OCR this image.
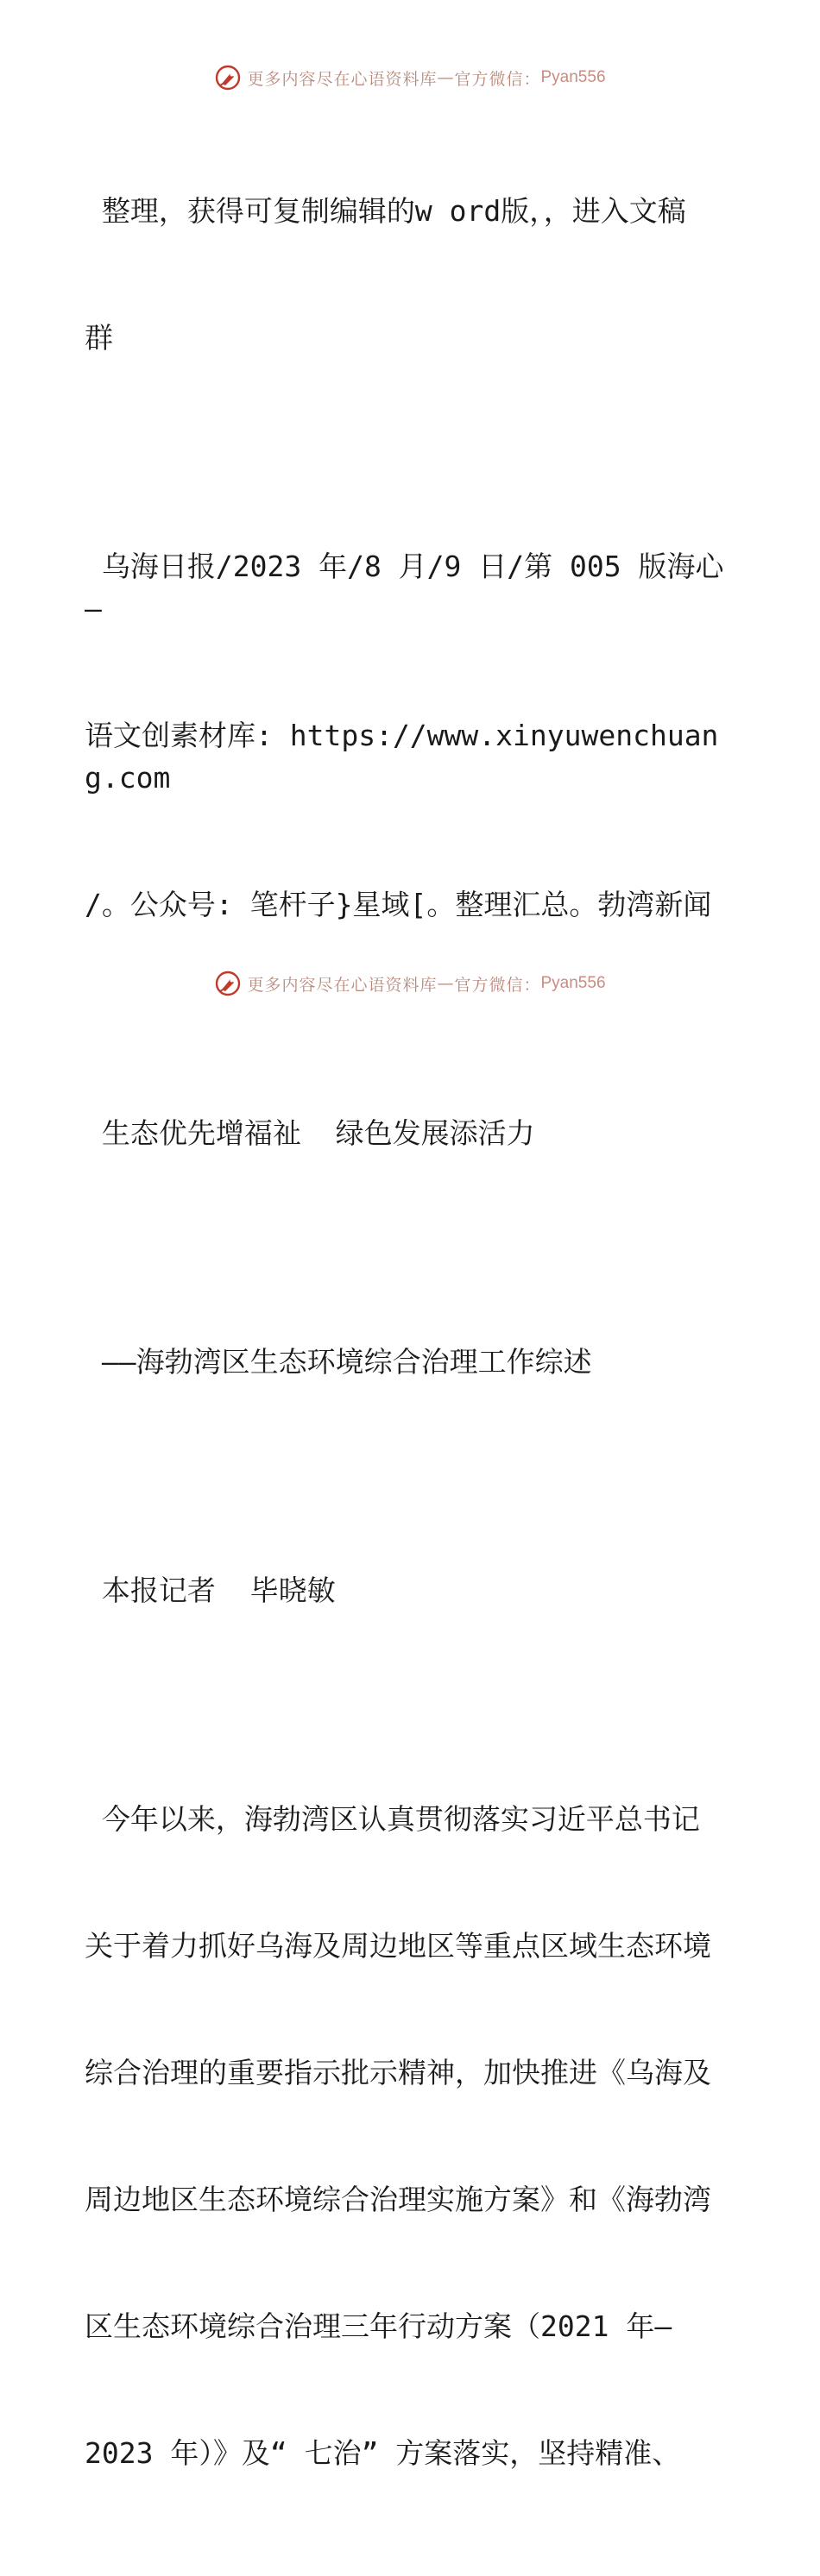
更多内容尽在心语资料库 — 官方微信： Pyan556

整理，获得可复制编辑的w ord版，，进入文稿

群

乌海日报/2023 年/8 月/9 日/第 005 版海心—

语文创素材库: https://www.xinyuwenchuang.com

/。公众号: 笔杆子}星域[。整理汇总。勃湾新闻

生态优先增福祉  绿色发展添活力

——海勃湾区生态环境综合治理工作综述

本报记者  毕晓敏

今年以来，海勃湾区认真贯彻落实习近平总书记

关于着力抓好乌海及周边地区等重点区域生态环境

综合治理的重要指示批示精神，加快推进《乌海及

周边地区生态环境综合治理实施方案》和《海勃湾

区生态环境综合治理三年行动方案（2021 年—

2023 年）》及“ 七治” 方案落实，坚持精准、

更多内容尽在心语资料库 — 官方微信： Pyan556
